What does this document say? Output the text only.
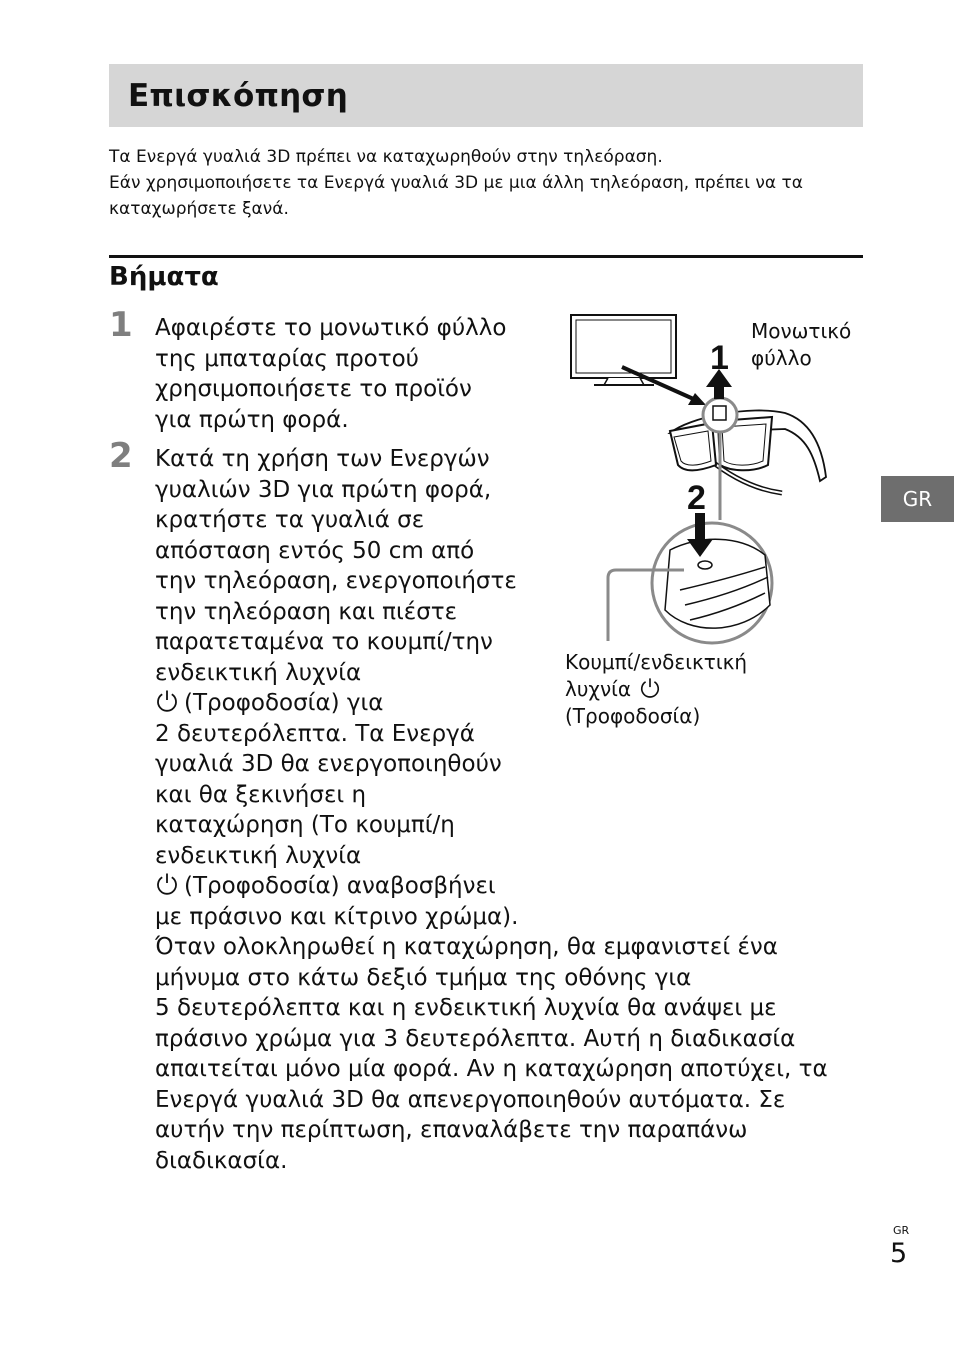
Επισκόπηση
Τα Ενεργά γυαλιά 3D πρέπει να καταχωρηθούν στην τηλεόραση.
Εάν χρησιμοποιήσετε τα Ενεργά γυαλιά 3D με μια άλλη τηλεόραση, πρέπει να τα
καταχωρήσετε ξανά.
Βήματα
1 Αφαιρέστε το μονωτικό φύλλο
της μπαταρίας προτού
χρησιμοποιήσετε το προϊόν
για πρώτη φορά.
2 Κατά τη χρήση των Ενεργών
γυαλιών 3D για πρώτη φορά,
κρατήστε τα γυαλιά σε
απόσταση εντός 50 cm από
την τηλεόραση, ενεργοποιήστε
την τηλεόραση και πιέστε
παρατεταμένα το κουμπί/την
ενδεικτική λυχνία
(Τροφοδοσία) για
2 δευτερόλεπτα. Τα Ενεργά
γυαλιά 3D θα ενεργοποιηθούν
και θα ξεκινήσει η
καταχώρηση (Το κουμπί/η
ενδεικτική λυχνία
(Τροφοδοσία) αναβοσβήνει
με πράσινο και κίτρινο χρώμα).
Όταν ολοκληρωθεί η καταχώρηση, θα εμφανιστεί ένα
μήνυμα στο κάτω δεξιό τμήμα της οθόνης για
5 δευτερόλεπτα και η ενδεικτική λυχνία θα ανάψει με
πράσινο χρώμα για 3 δευτερόλεπτα. Αυτή η διαδικασία
απαιτείται μόνο μία φορά. Αν η καταχώρηση αποτύχει, τα
Ενεργά γυαλιά 3D θα απενεργοποιηθούν αυτόματα. Σε
αυτήν την περίπτωση, επαναλάβετε την παραπάνω
διαδικασία.
1
2
Μονωτικό
φύλλο
Κουμπί/ενδεικτική
λυχνία
(Τροφοδοσία)
GR
GR
5
